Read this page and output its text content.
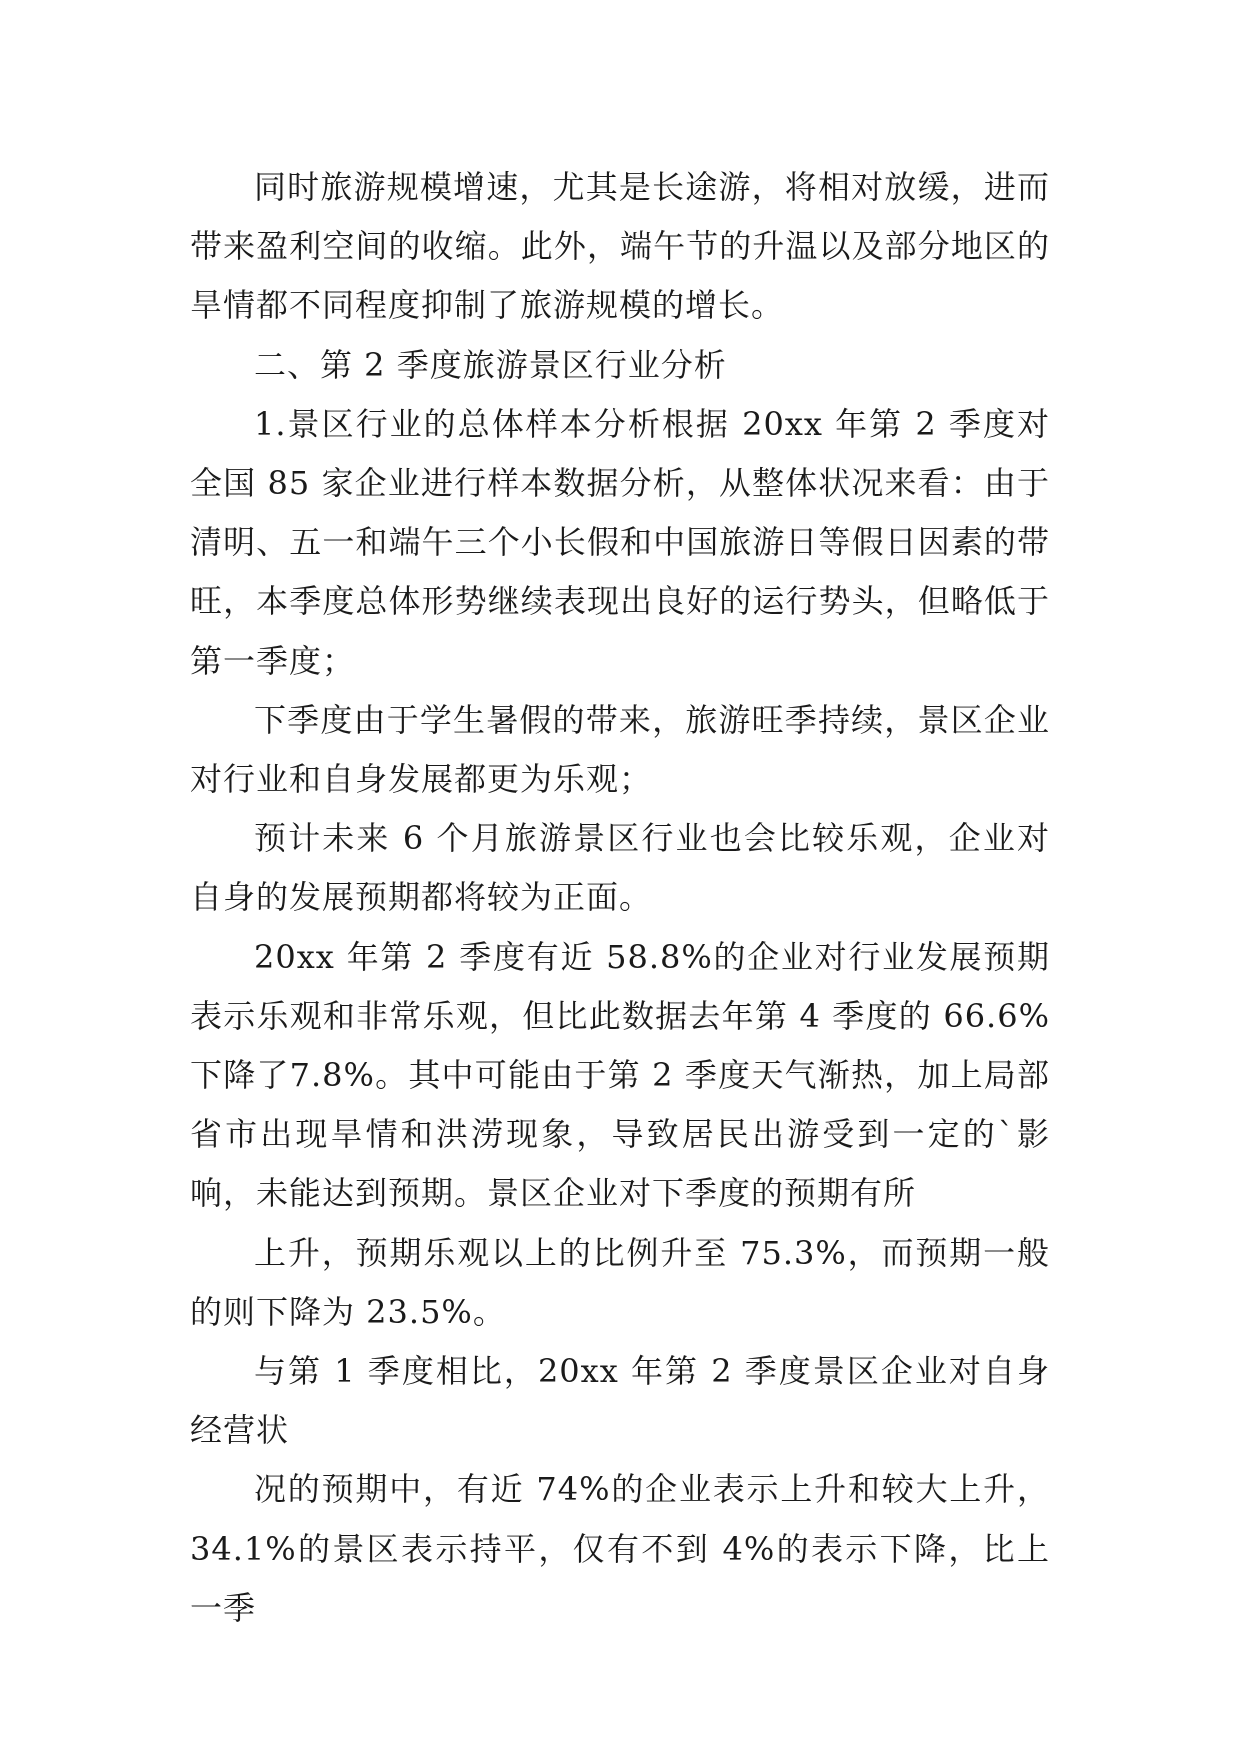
同时旅游规模增速，尤其是长途游，将相对放缓，进而带来盈利空间的收缩。此外，端午节的升温以及部分地区的旱情都不同程度抑制了旅游规模的增长。

二、第 2 季度旅游景区行业分析

1.景区行业的总体样本分析根据 20xx 年第 2 季度对全国 85 家企业进行样本数据分析，从整体状况来看：由于清明、五一和端午三个小长假和中国旅游日等假日因素的带旺，本季度总体形势继续表现出良好的运行势头，但略低于第一季度；

下季度由于学生暑假的带来，旅游旺季持续，景区企业对行业和自身发展都更为乐观；

预计未来 6 个月旅游景区行业也会比较乐观，企业对自身的发展预期都将较为正面。

20xx 年第 2 季度有近 58.8%的企业对行业发展预期表示乐观和非常乐观，但比此数据去年第 4 季度的 66.6%下降了7.8%。其中可能由于第 2 季度天气渐热，加上局部省市出现旱情和洪涝现象，导致居民出游受到一定的`影响，未能达到预期。景区企业对下季度的预期有所

上升，预期乐观以上的比例升至 75.3%，而预期一般的则下降为 23.5%。

与第 1 季度相比，20xx 年第 2 季度景区企业对自身经营状

况的预期中，有近 74%的企业表示上升和较大上升，34.1%的景区表示持平，仅有不到 4%的表示下降，比上一季
